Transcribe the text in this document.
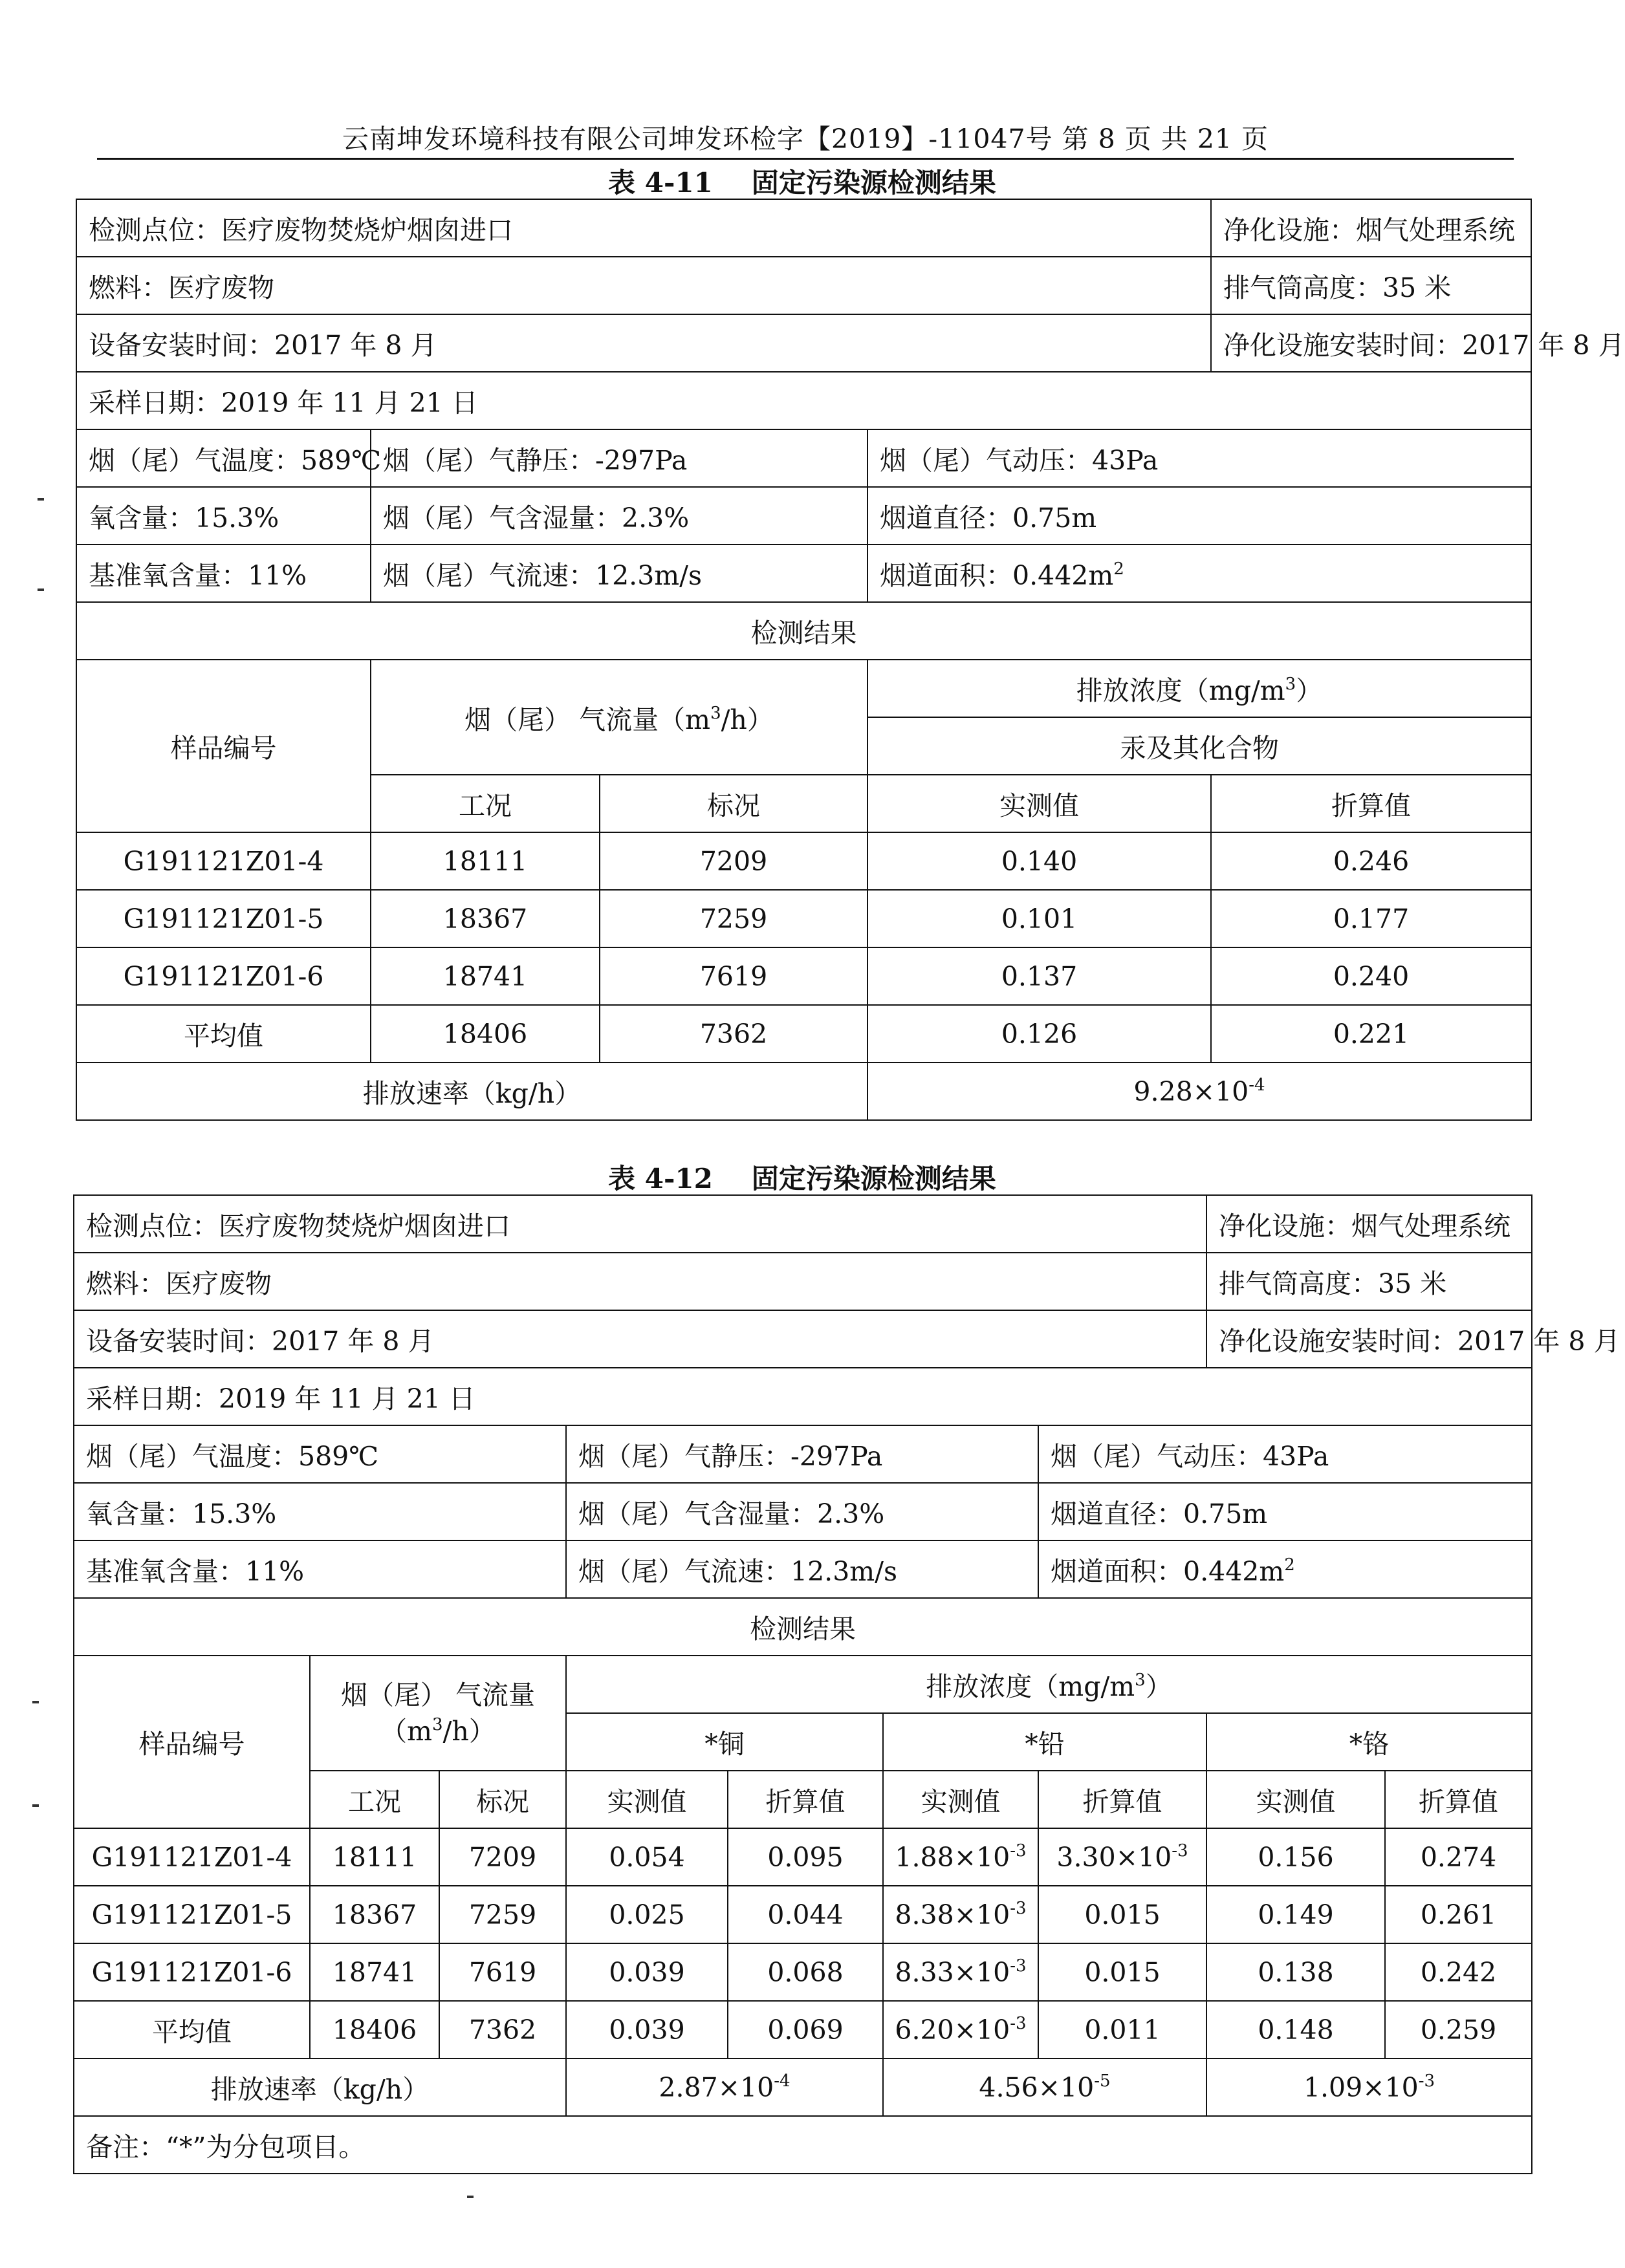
云南坤发环境科技有限公司坤发环检字【2019】-11047号 第 8 页 共 21 页
表 4-11 固定污染源检测结果
检测点位：医疗废物焚烧炉烟囱进口				净化设施：烟气处理系统
燃料：医疗废物				排气筒高度：35 米
设备安装时间：2017 年 8 月				净化设施安装时间：2017 年 8 月
采样日期：2019 年 11 月 21 日				
烟（尾）气温度：589℃	烟（尾）气静压：-297Pa		烟（尾）气动压：43Pa	
氧含量：15.3%	烟（尾）气含湿量：2.3%		烟道直径：0.75m	
基准氧含量：11%	烟（尾）气流速：12.3m/s		烟道面积：$0.442m^2$
检测结果				
样品编号	烟（尾） 气流量$(m^3/h)$		排放浓度$(mg/m^3)$	
			汞及其化合物	
	工况	标况	实测值	折算值
G191121Z01-4	18111	7209	0.140	0.246
G191121Z01-5	18367	7259	0.101	0.177
G191121Z01-6	18741	7619	0.137	0.240
平均值	18406	7362	0.126	0.221
排放速率（kg/h）			$9.28\times 10^{-4}$
表 4-12 固定污染源检测结果
检测点位：医疗废物焚烧炉烟囱进口							净化设施：烟气处理系统	
燃料：医疗废物							排气筒高度：35 米	
设备安装时间：2017 年 8 月							净化设施安装时间：2017 年 8 月	
采样日期：2019 年 11 月 21 日								
烟（尾）气温度：589℃			烟（尾）气静压：-297Pa			烟（尾）气动压：43Pa		
氧含量：15.3%			烟（尾）气含湿量：2.3%			烟道直径：0.75m		
基准氧含量：11%			烟（尾）气流速：12.3m/s			烟道面积：$0.442m^2$
检测结果								
样品编号	烟（尾） 气流量
$(m^3/h)$		排放浓度$(mg/m^3)$					
			*铜		*铅		*铬	
	工况	标况	实测值	折算值	实测值	折算值	实测值	折算值
G191121Z01-4	18111	7209	0.054	0.095	$1.88\times 10^{-3}$	$3.30\times 10^{-3}$	0.156	0.274
G191121Z01-5	18367	7259	0.025	0.044	$8.38\times 10^{-3}$	0.015	0.149	0.261
G191121Z01-6	18741	7619	0.039	0.068	$8.33\times 10^{-3}$	0.015	0.138	0.242
平均值	18406	7362	0.039	0.069	$6.20\times 10^{-3}$	0.011	0.148	0.259
排放速率（kg/h）			$2.87\times 10^{-4}$		$4.56\times 10^{-5}$		$1.09\times 10^{-3}$
备注：“*”为分包项目。								
